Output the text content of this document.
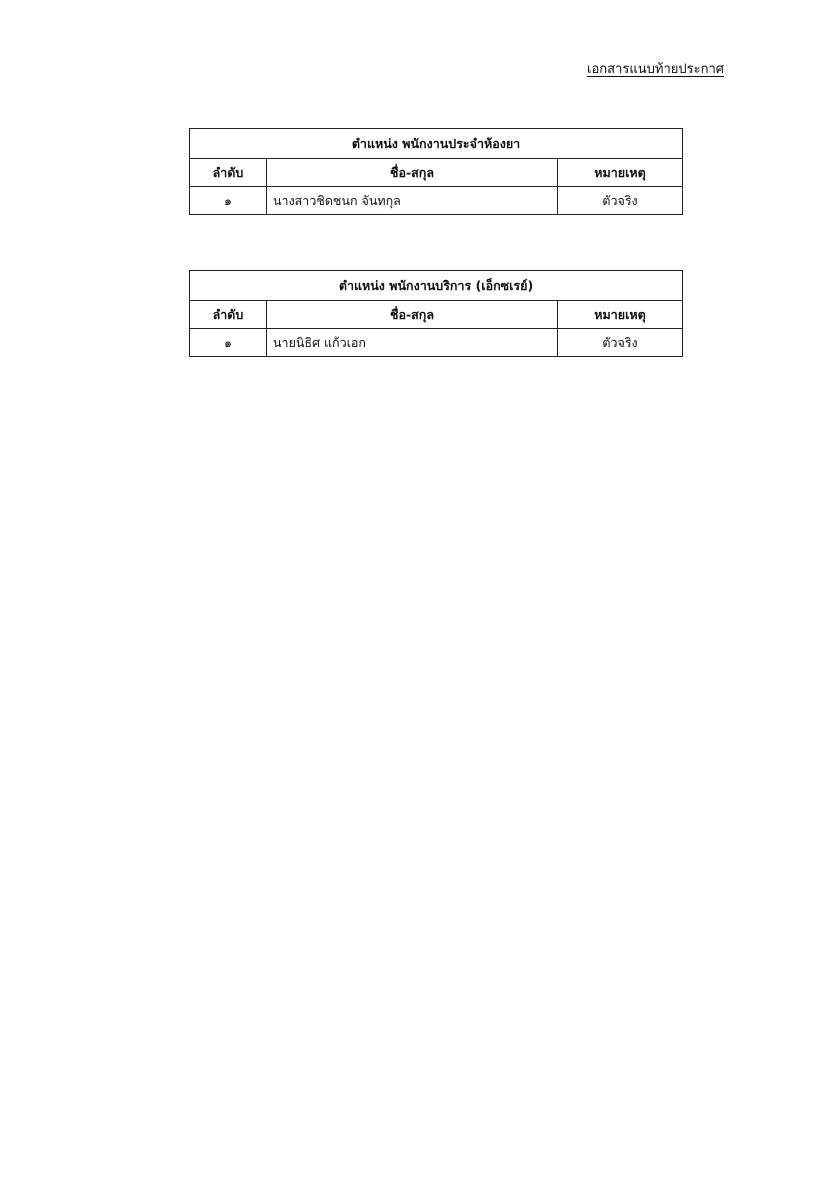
เอกสารแนบท้ายประกาศ
ตำแหน่ง พนักงานประจำห้องยา		
ลำดับ	ชื่อ-สกุล	หมายเหตุ
๑	นางสาวชิดชนก จันทกุล	ตัวจริง
ตำแหน่ง พนักงานบริการ (เอ็กซเรย์)		
ลำดับ	ชื่อ-สกุล	หมายเหตุ
๑	นายนิธิศ แก้วเอก	ตัวจริง
